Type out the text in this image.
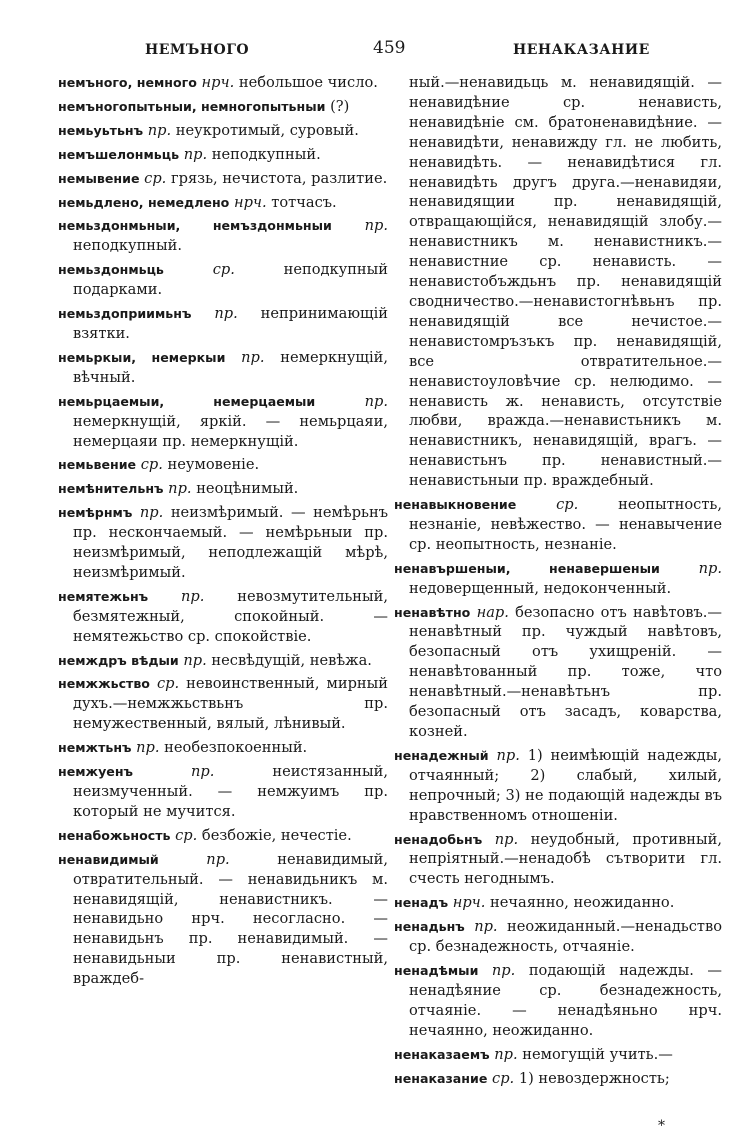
НЕМЪНОГО	459	НЕНАКАЗАНИЕ
немъного, немного нрч. небольшое число.
немъногопытьныи, немногопытьныи (?)
немьуьтьнъ пр. неукротимый, суровый.
немъшелонмьць пр. неподкупный.
немывение ср. грязь, нечистота, разлитие.
немьдлено, немедлено нрч. тотчасъ.
немьздонмьныи, немъздонмьныи пр. неподкупный.
немьздонмьць	ср.	неподкупный подарками.
немьздоприимьнъ пр. непринимающій взятки.
немьркыи, немеркыи пр. немеркнущій, вѣчный.
немьрцаемыи, немерцаемыи	пр. немеркнущій, яркій. — немьрцаяи, немерцаяи пр. немеркнущій.
немьвение ср. неумовеніе.
немѣнительнъ пр. неоцѣнимый.
немѣрнмъ пр. неизмѣримый. — немѣрьнъ пр. нескончаемый. — немѣрьныи пр. неизмѣримый, неподлежащій мѣрѣ, неизмѣримый.
немятежьнъ пр. невозмутительный, безмятежный, спокойный. — немятежьство ср. спокойствіе.
немждръ вѣдыи пр. несвѣдущій, невѣжа.
немжжьство ср. невоинственный, мирный духъ.—немжжьствьнъ пр. немужественный, вялый, лѣнивый.
немжтьнъ пр. необезпокоенный.
немжуенъ	пр.	неистязанный, неизмученный. — немжуимъ пр. который не мучится.
ненабожьность ср. безбожіе, нечестіе.
ненавидимый	пр.	ненавидимый, отвратительный. — ненавидьникъ м. ненавидящій, ненавистникъ. — ненавидьно нрч. несогласно. — ненавидьнъ пр. ненавидимый. — ненавидьныи пр. ненавистный, враждеб-
ный.—ненавидьць м. ненавидящій. —ненавидѣние ср. ненависть, ненавидѣніе см. братоненавидѣние. — ненавидѣти, ненавижду гл. не любить, ненавидѣть. — ненавидѣтися гл. ненавидѣть другъ друга.—ненавидяи, ненавидящии пр. ненавидящій, отвращающійся, ненавидящій злобу.—ненавистникъ м. ненавистникъ.—ненавистние ср. ненависть. — ненавистобъждьнъ пр. ненавидящій сводничество.—ненавистогнѣвьнъ пр. ненавидящій все нечистое.— ненавистомръзъкъ пр. ненавидящій, все отвратительное.— ненавистоуловѣчие ср. нелюдимо. — ненависть ж. ненависть, отсутствіе любви, вражда.—ненавистьникъ м. ненавистникъ, ненавидящій, врагъ. —ненавистьнъ пр. ненавистный.— ненавистьныи пр. враждебный.
ненавыкновение	ср.	неопытность, незнаніе, невѣжество. — ненавычение ср. неопытность, незнаніе.
ненавършеныи, ненавершеныи	пр. недоверщенный, недоконченный.
ненавѣтно нар. безопасно отъ навѣтовъ.—ненавѣтный пр. чуждый навѣтовъ, безопасный отъ ухищреній. —ненавѣтованный пр. тоже, что ненавѣтный.—ненавѣтьнъ пр. безопасный отъ засадъ, коварства, козней.
ненадежный пр. 1) неимѣющій надежды, отчаянный; 2) слабый, хилый, непрочный; 3) не подающій надежды въ нравственномъ отношеніи.
ненадобьнъ пр. неудобный, противный, непріятный.—ненадобѣ сътворити гл. счесть негоднымъ.
ненадъ нрч. нечаянно, неожиданно.
ненадьнъ пр. неожиданный.—ненадьство ср. безнадежность, отчаяніе.
ненадѣмыи пр. подающій надежды. —ненадѣяние ср. безнадежность, отчаяніе. — ненадѣяньно нрч. нечаянно, неожиданно.
ненаказаемъ пр. немогущій учить.—
ненаказание ср. 1) невоздержность;
*
